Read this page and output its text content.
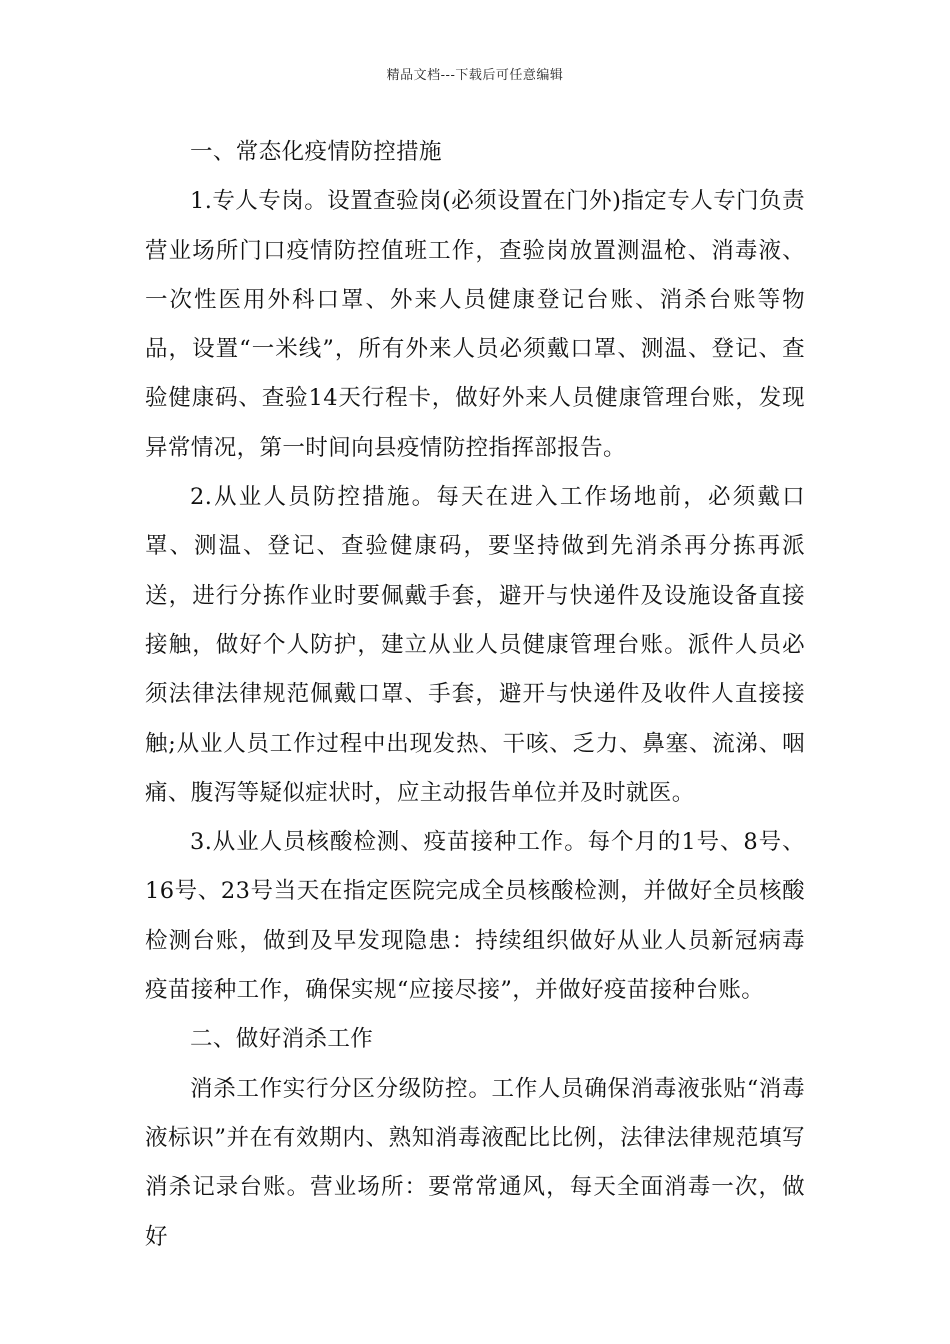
精品文档---下载后可任意编辑

一、常态化疫情防控措施

1.专人专岗。设置查验岗(必须设置在门外)指定专人专门负责营业场所门口疫情防控值班工作，查验岗放置测温枪、消毒液、一次性医用外科口罩、外来人员健康登记台账、消杀台账等物品，设置“一米线”，所有外来人员必须戴口罩、测温、登记、查验健康码、查验14天行程卡，做好外来人员健康管理台账，发现异常情况，第一时间向县疫情防控指挥部报告。

2.从业人员防控措施。每天在进入工作场地前，必须戴口罩、测温、登记、查验健康码，要坚持做到先消杀再分拣再派送，进行分拣作业时要佩戴手套，避开与快递件及设施设备直接接触，做好个人防护，建立从业人员健康管理台账。派件人员必须法律法律规范佩戴口罩、手套，避开与快递件及收件人直接接触;从业人员工作过程中出现发热、干咳、乏力、鼻塞、流涕、咽痛、腹泻等疑似症状时，应主动报告单位并及时就医。

3.从业人员核酸检测、疫苗接种工作。每个月的1号、8号、16号、23号当天在指定医院完成全员核酸检测，并做好全员核酸检测台账，做到及早发现隐患：持续组织做好从业人员新冠病毒疫苗接种工作，确保实规“应接尽接”，并做好疫苗接种台账。

二、做好消杀工作

消杀工作实行分区分级防控。工作人员确保消毒液张贴“消毒液标识”并在有效期内、熟知消毒液配比比例，法律法律规范填写消杀记录台账。营业场所：要常常通风，每天全面消毒一次，做好
